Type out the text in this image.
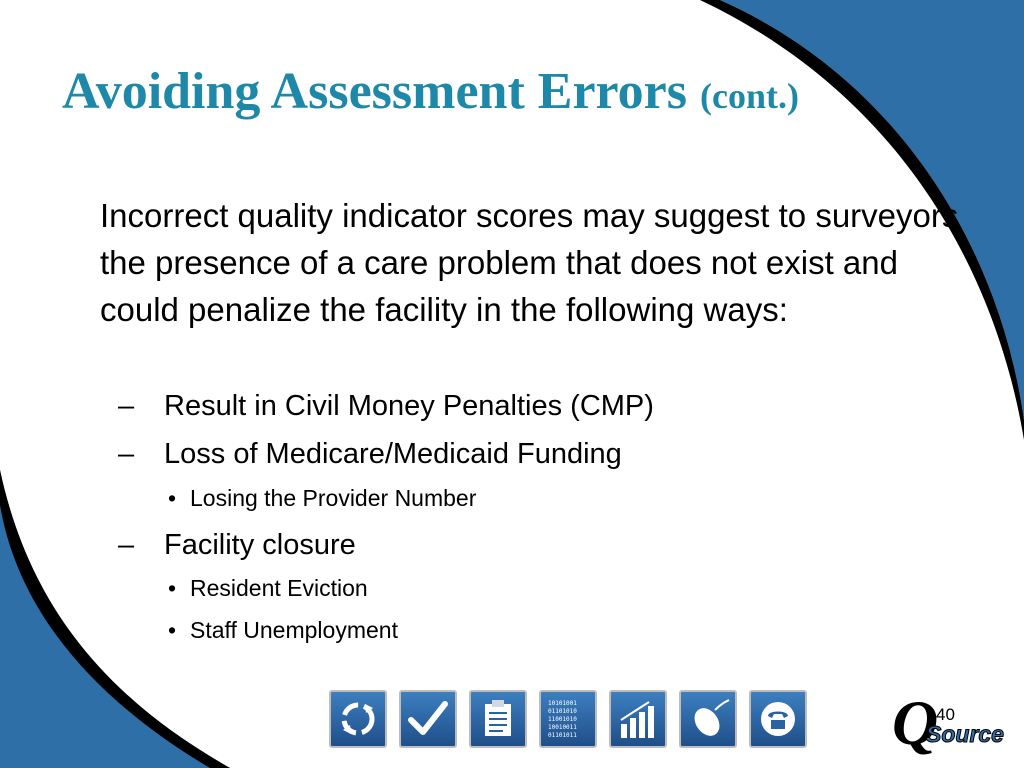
Avoiding Assessment Errors (cont.)

Incorrect quality indicator scores may suggest to surveyors the presence of a care problem that does not exist and could penalize the facility in the following ways:

– Result in Civil Money Penalties (CMP)
– Loss of Medicare/Medicaid Funding
• Losing the Provider Number
– Facility closure
• Resident Eviction
• Staff Unemployment
10101001
01101010
11001010
10010011
01101011	Q
Source
40
